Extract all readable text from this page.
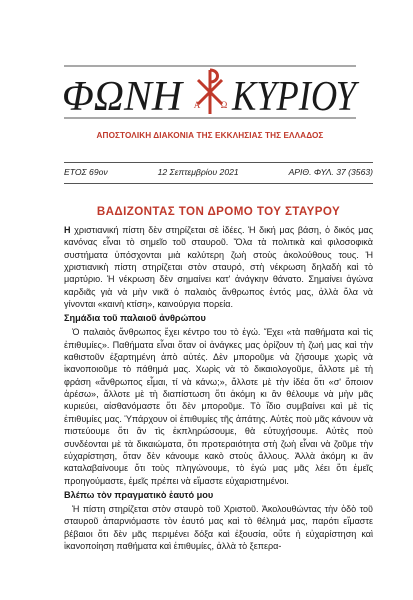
ΦΩΝΗ Α Ω ΚΥΡΙΟΥ
ΑΠΟΣΤΟΛΙΚΗ ΔΙΑΚΟΝΙΑ ΤΗΣ ΕΚΚΛΗΣΙΑΣ ΤΗΣ ΕΛΛΑΔΟΣ
ΕΤΟΣ 69ον	12 Σεπτεμβρίου 2021	ΑΡΙΘ. ΦΥΛ. 37 (3563)
ΒΑΔΙΖΟΝΤΑΣ ΤΟΝ ΔΡΟΜΟ ΤΟΥ ΣΤΑΥΡΟΥ

Η χριστιανική πίστη δὲν στηρίζεται σὲ ἰδέες. Ἡ δική μας βάση, ὁ δικός μας κανόνας εἶναι τὸ σημεῖο τοῦ σταυροῦ. Ὅλα τὰ πολιτικὰ καὶ φιλοσοφικὰ συστήματα ὑπόσχονται μιὰ καλύτερη ζωὴ στοὺς ἀκολούθους τους. Ἡ χριστιανικὴ πίστη στηρίζεται στὸν σταυρό, στὴ νέκρωση δηλαδὴ καὶ τὸ μαρτύριο. Ἡ νέκρωση δὲν σημαίνει κατ' ἀνάγκην θάνατο. Σημαίνει ἀγώνα καρδιᾶς γιὰ νὰ μὴν νικᾶ ὁ παλαιὸς ἄνθρωπος ἐντός μας, ἀλλὰ ὅλα νὰ γίνονται «καινὴ κτίση», καινούργια πορεία.

Σημάδια τοῦ παλαιοῦ ἀνθρώπου

Ὁ παλαιὸς ἄνθρωπος ἔχει κέντρο του τὸ ἐγώ. Ἔχει «τὰ παθήματα καὶ τὶς ἐπιθυμίες». Παθήματα εἶναι ὅταν οἱ ἀνάγκες μας ὁρίζουν τὴ ζωή μας καὶ τὴν καθιστοῦν ἐξαρτημένη ἀπὸ αὐτές. Δὲν μποροῦμε νὰ ζήσουμε χωρὶς νὰ ἱκανοποιοῦμε τὸ πάθημά μας. Χωρὶς νὰ τὸ δικαιολογοῦμε, ἄλλοτε μὲ τὴ φράση «ἄνθρωπος εἶμαι, τί νὰ κάνω;», ἄλλοτε μὲ τὴν ἰδέα ὅτι «σ' ὅποιον ἀρέσω», ἄλλοτε μὲ τὴ διαπίστωση ὅτι ἀκόμη κι ἂν θέλουμε νὰ μὴν μᾶς κυριεύει, αἰσθανόμαστε ὅτι δὲν μποροῦμε. Τὸ ἴδιο συμβαίνει καὶ μὲ τὶς ἐπιθυμίες μας. Ὑπάρχουν οἱ ἐπιθυμίες τῆς ἀπάτης. Αὐτὲς ποὺ μᾶς κάνουν νὰ πιστεύουμε ὅτι ἂν τὶς ἐκπληρώσουμε, θὰ εὐτυχήσουμε. Αὐτὲς ποὺ συνδέονται μὲ τὰ δικαιώματα, ὅτι προτεραιότητα στὴ ζωὴ εἶναι νὰ ζοῦμε τὴν εὐχαρίστηση, ὅταν δὲν κάνουμε κακὸ στοὺς ἄλλους. Ἀλλὰ ἀκόμη κι ἂν καταλαβαίνουμε ὅτι τοὺς πληγώνουμε, τὸ ἐγώ μας μᾶς λέει ὅτι ἐμεῖς προηγούμαστε, ἐμεῖς πρέπει νὰ εἴμαστε εὐχαριστημένοι.

Βλέπω τὸν πραγματικὸ ἑαυτό μου

Ἡ πίστη στηρίζεται στὸν σταυρὸ τοῦ Χριστοῦ. Ἀκολουθώντας τὴν ὁδὸ τοῦ σταυροῦ ἀπαρνιόμαστε τὸν ἑαυτό μας καὶ τὸ θέλημά μας, παρότι εἴμαστε βέβαιοι ὅτι δὲν μᾶς περιμένει δόξα καὶ ἐξουσία, οὔτε ἡ εὐχαρίστηση καὶ ἱκανοποίηση παθήματα καὶ ἐπιθυμίες, ἀλλὰ τὸ ξεπερα-
